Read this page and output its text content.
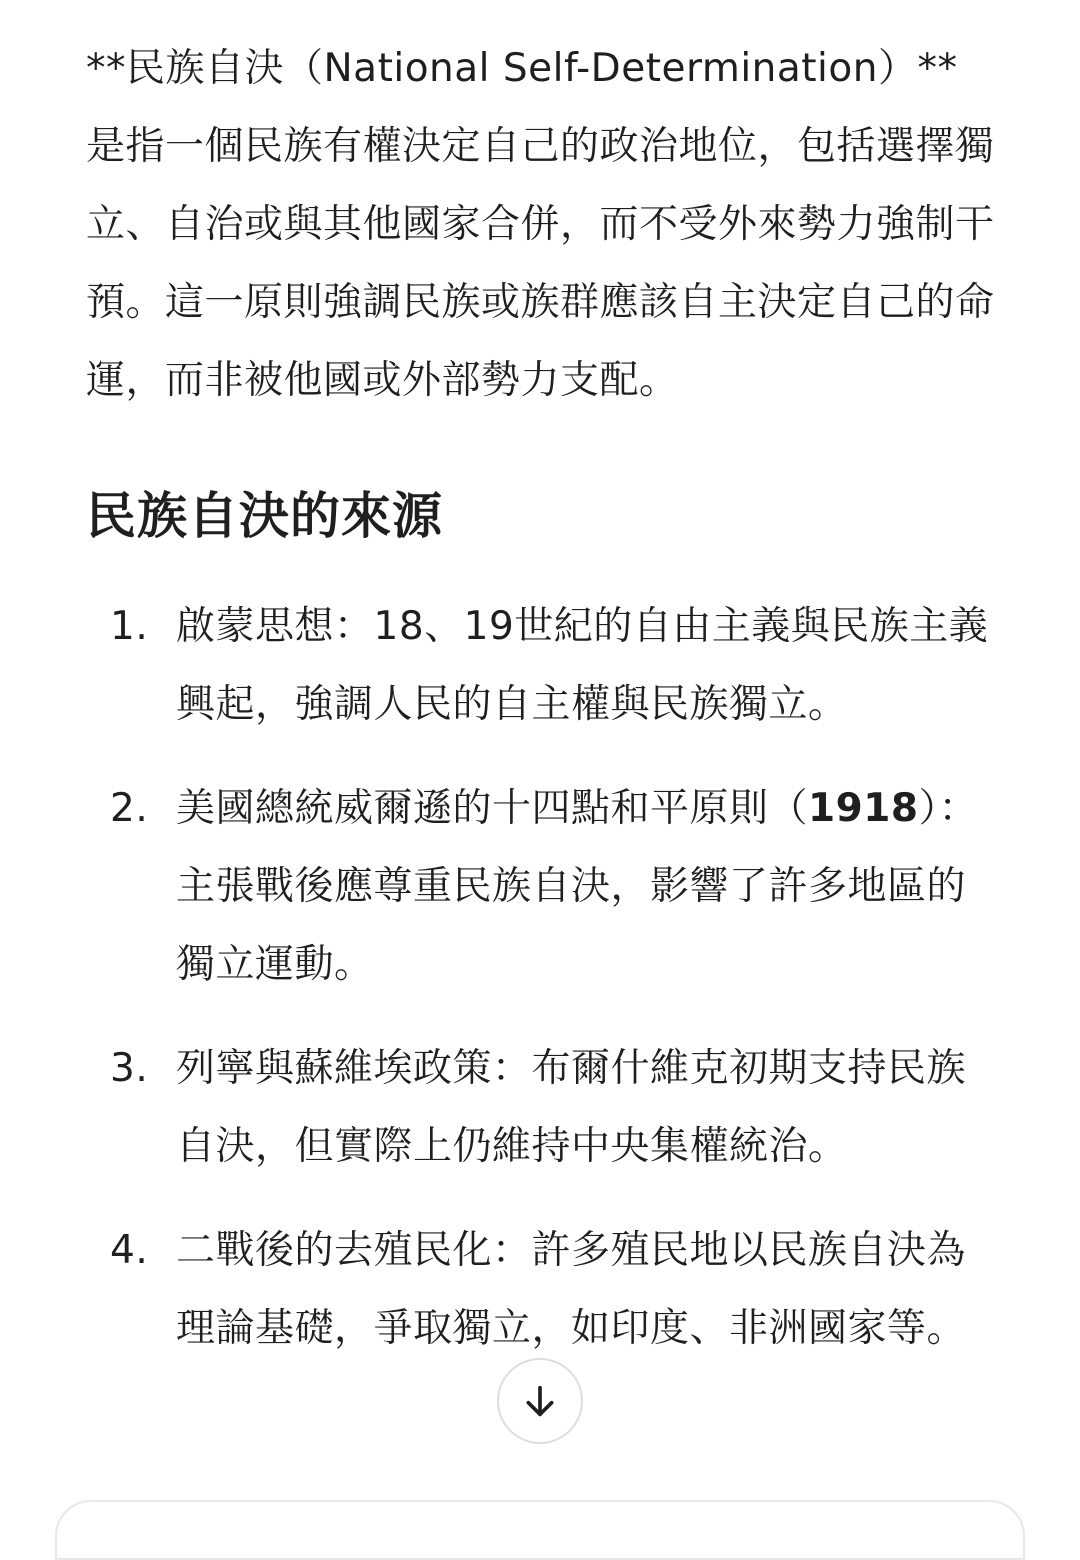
**民族自決（National Self-Determination）**是指一個民族有權決定自己的政治地位，包括選擇獨立、自治或與其他國家合併，而不受外來勢力強制干預。這一原則強調民族或族群應該自主決定自己的命運，而非被他國或外部勢力支配。

民族自決的來源
1. 啟蒙思想：18、19世紀的自由主義與民族主義興起，強調人民的自主權與民族獨立。
2. 美國總統威爾遜的十四點和平原則（1918）：主張戰後應尊重民族自決，影響了許多地區的獨立運動。
3. 列寧與蘇維埃政策：布爾什維克初期支持民族自決，但實際上仍維持中央集權統治。
4. 二戰後的去殖民化：許多殖民地以民族自決為理論基礎，爭取獨立，如印度、非洲國家等。
